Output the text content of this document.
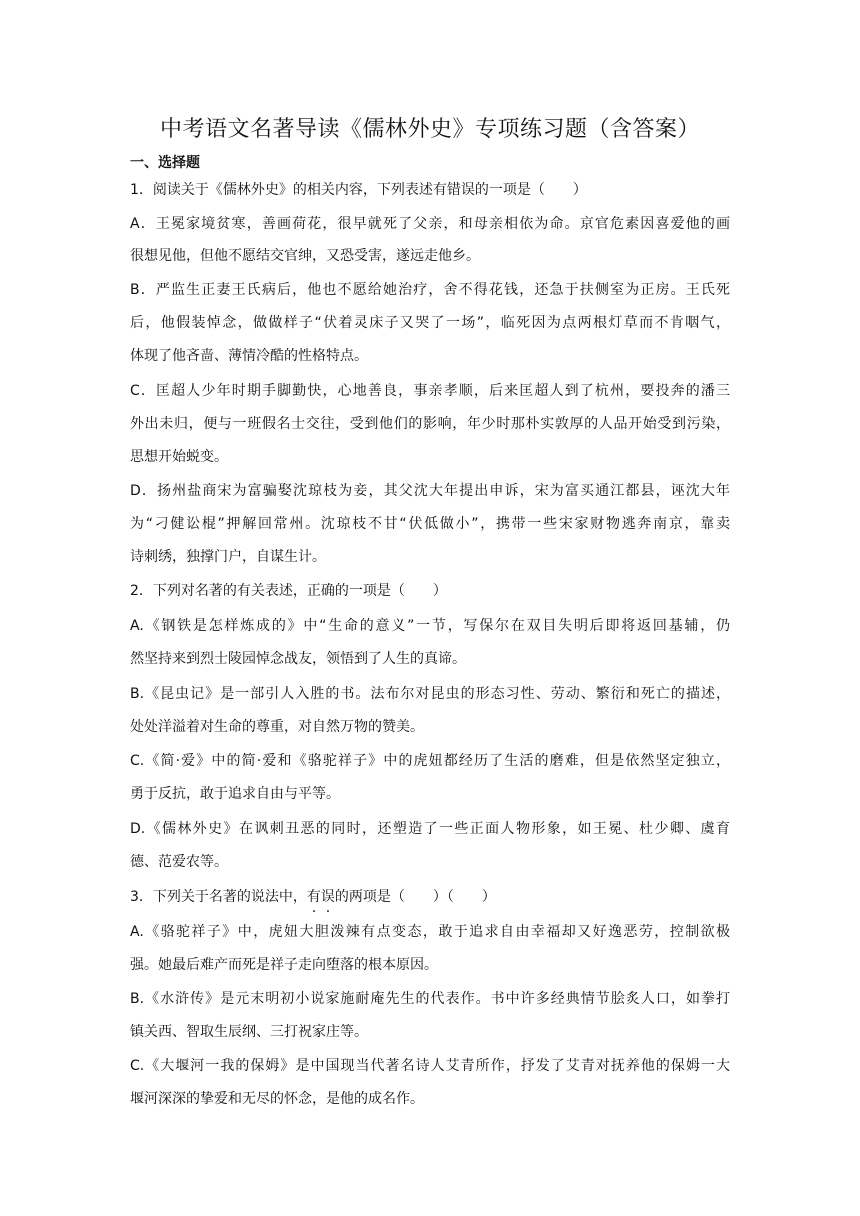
中考语文名著导读《儒林外史》专项练习题（含答案）
一、选择题
1．阅读关于《儒林外史》的相关内容，下列表述有错误的一项是（　　）
A．王冕家境贫寒，善画荷花，很早就死了父亲，和母亲相依为命。京官危素因喜爱他的画
很想见他，但他不愿结交官绅，又恐受害，遂远走他乡。
B．严监生正妻王氏病后，他也不愿给她治疗，舍不得花钱，还急于扶侧室为正房。王氏死
后，他假装悼念，做做样子“伏着灵床子又哭了一场”，临死因为点两根灯草而不肯咽气，
体现了他吝啬、薄情冷酷的性格特点。
C．匡超人少年时期手脚勤快，心地善良，事亲孝顺，后来匡超人到了杭州，要投奔的潘三
外出未归，便与一班假名士交往，受到他们的影响，年少时那朴实敦厚的人品开始受到污染，
思想开始蜕变。
D．扬州盐商宋为富骗娶沈琼枝为妾，其父沈大年提出申诉，宋为富买通江都县，诬沈大年
为“刁健讼棍”押解回常州。沈琼枝不甘“伏低做小”，携带一些宋家财物逃奔南京，靠卖
诗刺绣，独撑门户，自谋生计。
2．下列对名著的有关表述，正确的一项是（　　）
A.《钢铁是怎样炼成的》中“生命的意义”一节，写保尔在双目失明后即将返回基辅，仍
然坚持来到烈士陵园悼念战友，领悟到了人生的真谛。
B.《昆虫记》是一部引人入胜的书。法布尔对昆虫的形态习性、劳动、繁衍和死亡的描述，
处处洋溢着对生命的尊重，对自然万物的赞美。
C.《简·爱》中的简·爱和《骆驼祥子》中的虎妞都经历了生活的磨难，但是依然坚定独立，
勇于反抗，敢于追求自由与平等。
D.《儒林外史》在讽刺丑恶的同时，还塑造了一些正面人物形象，如王冕、杜少卿、虞育
德、范爱农等。
3．下列关于名著的说法中，有误的两项是（　　）（　　）
A.《骆驼祥子》中，虎妞大胆泼辣有点变态，敢于追求自由幸福却又好逸恶劳，控制欲极
强。她最后难产而死是祥子走向堕落的根本原因。
B.《水浒传》是元末明初小说家施耐庵先生的代表作。书中许多经典情节脍炙人口，如拳打
镇关西、智取生辰纲、三打祝家庄等。
C.《大堰河一我的保姆》是中国现当代著名诗人艾青所作，抒发了艾青对抚养他的保姆一大
堰河深深的挚爱和无尽的怀念，是他的成名作。
